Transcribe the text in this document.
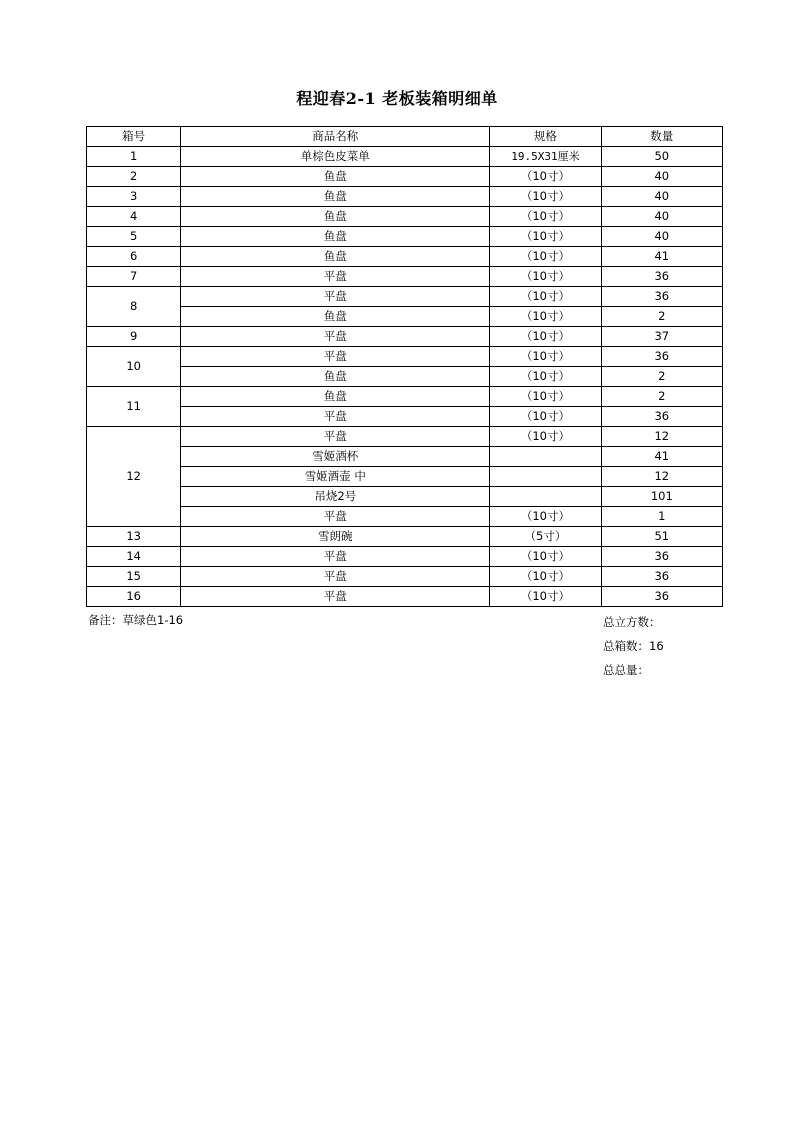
程迎春2-1 老板装箱明细单
箱号	商品名称	规格	数量
1	单棕色皮菜单	19.5X31厘米	50
2	鱼盘	（10寸）	40
3	鱼盘	（10寸）	40
4	鱼盘	（10寸）	40
5	鱼盘	（10寸）	40
6	鱼盘	（10寸）	41
7	平盘	（10寸）	36
8	平盘	（10寸）	36
	鱼盘	（10寸）	2
9	平盘	（10寸）	37
10	平盘	（10寸）	36
	鱼盘	（10寸）	2
11	鱼盘	（10寸）	2
	平盘	（10寸）	36
12	平盘	（10寸）	12
	雪姬酒杯		41
	雪姬酒壶 中		12
	吊烧2号		101
	平盘	（10寸）	1
13	雪朗碗	（5寸）	51
14	平盘	（10寸）	36
15	平盘	（10寸）	36
16	平盘	（10寸）	36
备注：草绿色1-16	总立方数：
总箱数：16
总总量：
